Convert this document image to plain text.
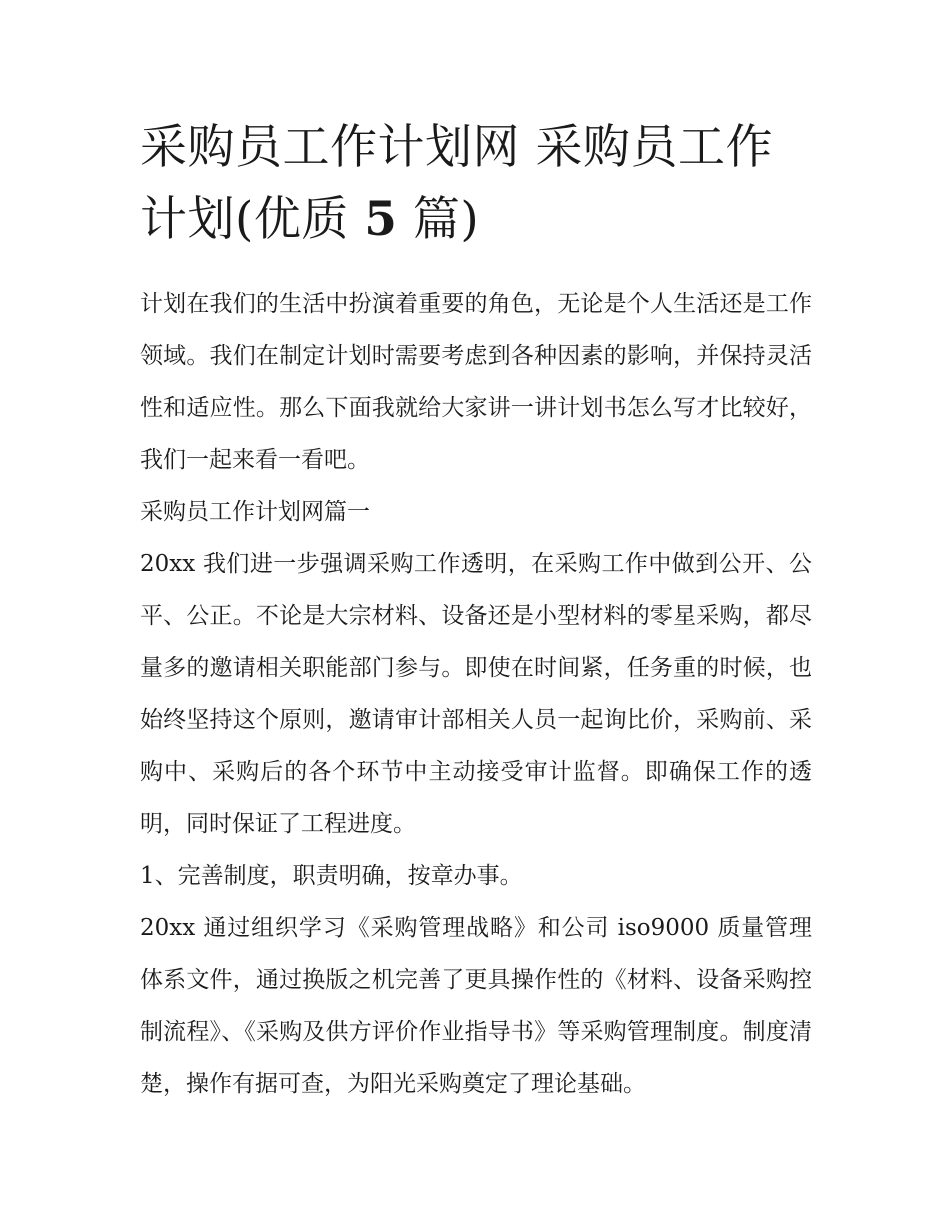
采购员工作计划网 采购员工作
计划(优质 5 篇)

计划在我们的生活中扮演着重要的角色，无论是个人生活还是工作领域。我们在制定计划时需要考虑到各种因素的影响，并保持灵活性和适应性。那么下面我就给大家讲一讲计划书怎么写才比较好，我们一起来看一看吧。

采购员工作计划网篇一

20xx 我们进一步强调采购工作透明，在采购工作中做到公开、公平、公正。不论是大宗材料、设备还是小型材料的零星采购，都尽量多的邀请相关职能部门参与。即使在时间紧，任务重的时候，也始终坚持这个原则，邀请审计部相关人员一起询比价，采购前、采购中、采购后的各个环节中主动接受审计监督。即确保工作的透明，同时保证了工程进度。

1、完善制度，职责明确，按章办事。

20xx 通过组织学习《采购管理战略》和公司 iso9000 质量管理体系文件，通过换版之机完善了更具操作性的《材料、设备采购控制流程》、《采购及供方评价作业指导书》等采购管理制度。制度清楚，操作有据可查，为阳光采购奠定了理论基础。
